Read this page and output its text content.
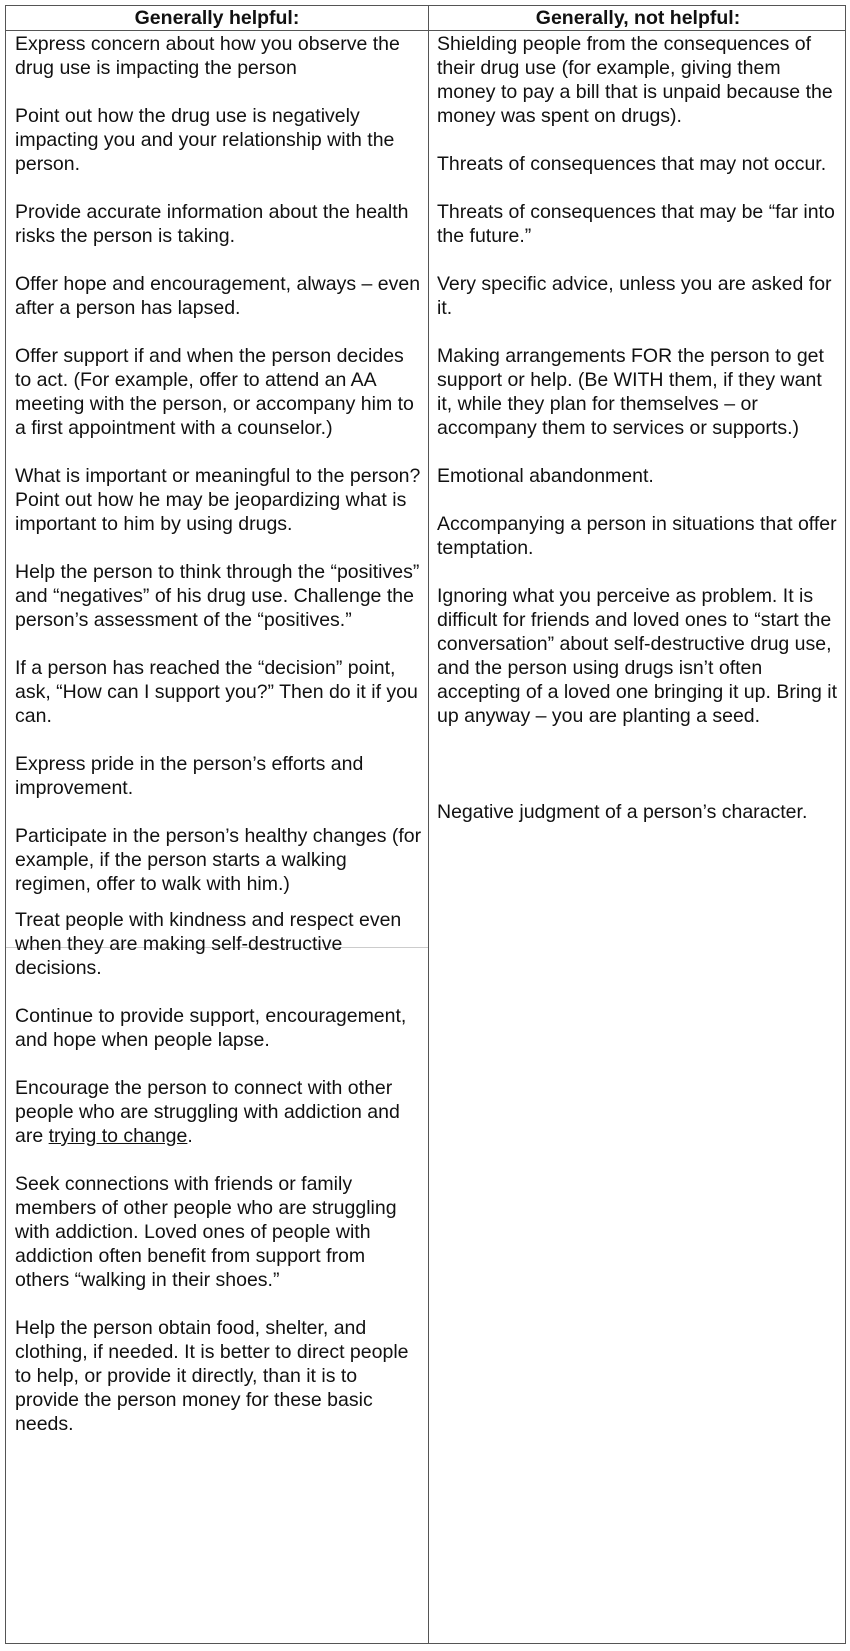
Generally helpful:	Generally, not helpful:
Express concern about how you observe the drug use is impacting the person
Point out how the drug use is negatively impacting you and your relationship with the person.
Provide accurate information about the health risks the person is taking.
Offer hope and encouragement, always – even after a person has lapsed.
Offer support if and when the person decides to act. (For example, offer to attend an AA meeting with the person, or accompany him to a first appointment with a counselor.)
What is important or meaningful to the person? Point out how he may be jeopardizing what is important to him by using drugs.
Help the person to think through the “positives” and “negatives” of his drug use. Challenge the person’s assessment of the “positives.”
If a person has reached the “decision” point, ask, “How can I support you?” Then do it if you can.
Express pride in the person’s efforts and improvement.
Participate in the person’s healthy changes (for example, if the person starts a walking regimen, offer to walk with him.)
Treat people with kindness and respect even when they are making self-destructive decisions.
Continue to provide support, encouragement, and hope when people lapse.
Encourage the person to connect with other people who are struggling with addiction and are trying to change.
Seek connections with friends or family members of other people who are struggling with addiction. Loved ones of people with addiction often benefit from support from others “walking in their shoes.”
Help the person obtain food, shelter, and clothing, if needed. It is better to direct people to help, or provide it directly, than it is to provide the person money for these basic needs.
Shielding people from the consequences of their drug use (for example, giving them money to pay a bill that is unpaid because the money was spent on drugs).
Threats of consequences that may not occur.
Threats of consequences that may be “far into the future.”
Very specific advice, unless you are asked for it.
Making arrangements FOR the person to get support or help. (Be WITH them, if they want it, while they plan for themselves – or accompany them to services or supports.)
Emotional abandonment.
Accompanying a person in situations that offer temptation.
Ignoring what you perceive as problem. It is difficult for friends and loved ones to “start the conversation” about self-destructive drug use, and the person using drugs isn’t often accepting of a loved one bringing it up. Bring it up anyway – you are planting a seed.
Negative judgment of a person’s character.
